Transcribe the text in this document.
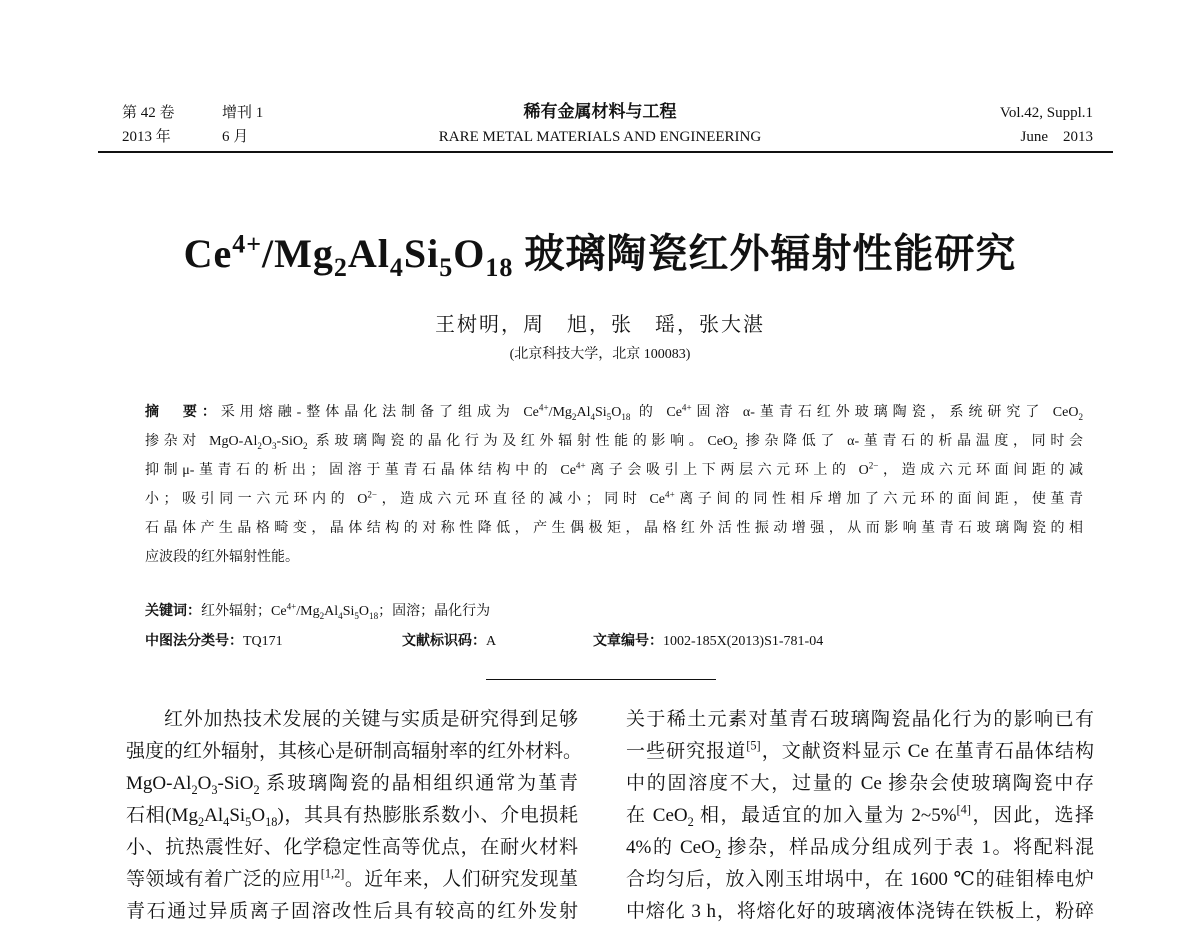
第 42 卷	增刊 1
2013 年	6 月
稀有金属材料与工程
RARE METAL MATERIALS AND ENGINEERING
Vol.42, Suppl.1
June    2013
$Ce^{4+}/Mg_2Al_4Si_5O_{18}$ 玻璃陶瓷红外辐射性能研究
王树明，周　旭，张　瑶，张大湛
(北京科技大学，北京 100083)
摘　要：采用熔融-整体晶化法制备了组成为 $Ce^{4+}/Mg_2Al_4Si_5O_{18}$ 的 $Ce^{4+}$固溶 α-堇青石红外玻璃陶瓷，系统研究了 CeO$_2$
掺杂对 MgO-$Al_2O_3-SiO_2$ 系玻璃陶瓷的晶化行为及红外辐射性能的影响。CeO$_2$ 掺杂降低了 α-堇青石的析晶温度，同时会
抑制μ-堇青石的析出；固溶于堇青石晶体结构中的 $Ce^{4+}$离子会吸引上下两层六元环上的 $O^{2-}$，造成六元环面间距的减
小；吸引同一六元环内的 $O^{2-}$，造成六元环直径的减小；同时 $Ce^{4+}$离子间的同性相斥增加了六元环的面间距，使堇青
石晶体产生晶格畸变，晶体结构的对称性降低，产生偶极矩，晶格红外活性振动增强，从而影响堇青石玻璃陶瓷的相
应波段的红外辐射性能。
关键词：红外辐射；$Ce^{4+}/Mg_2Al_4Si_5O_{18}$；固溶；晶化行为
中图法分类号：TQ171	文献标识码：A	文章编号：1002-185X(2013)S1-781-04
红外加热技术发展的关键与实质是研究得到足够
强度的红外辐射，其核心是研制高辐射率的红外材料。
MgO-$Al_2O_3-SiO_2$ 系玻璃陶瓷的晶相组织通常为堇青
石相$(Mg_2Al_4Si_5O_{18})$，其具有热膨胀系数小、介电损耗
小、抗热震性好、化学稳定性高等优点，在耐火材料
等领域有着广泛的应用[1,2]。近年来，人们研究发现堇
青石通过异质离子固溶改性后具有较高的红外发射
关于稀土元素对堇青石玻璃陶瓷晶化行为的影响已有
一些研究报道[5]，文献资料显示 Ce 在堇青石晶体结构
中的固溶度不大，过量的 Ce 掺杂会使玻璃陶瓷中存
在 CeO$_2$ 相，最适宜的加入量为 2~5%[4]，因此，选择
4%的 CeO$_2$ 掺杂，样品成分组成列于表 1。将配料混
合均匀后，放入刚玉坩埚中，在 1600 ℃的硅钼棒电炉
中熔化 3 h，将熔化好的玻璃液体浇铸在铁板上，粉碎
